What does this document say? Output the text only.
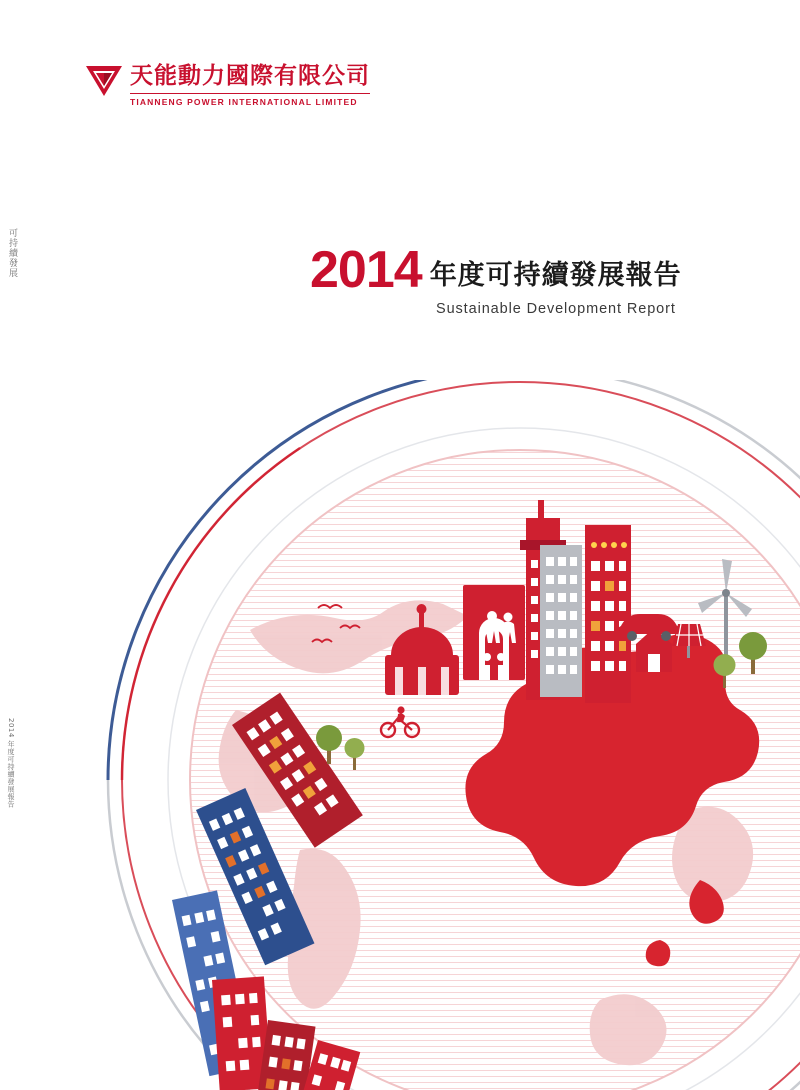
天能動力國際有限公司
TIANNENG POWER INTERNATIONAL LIMITED
2014 年度可持續發展報告
Sustainable Development Report
可持續發展
2014 年度可持續發展報告
